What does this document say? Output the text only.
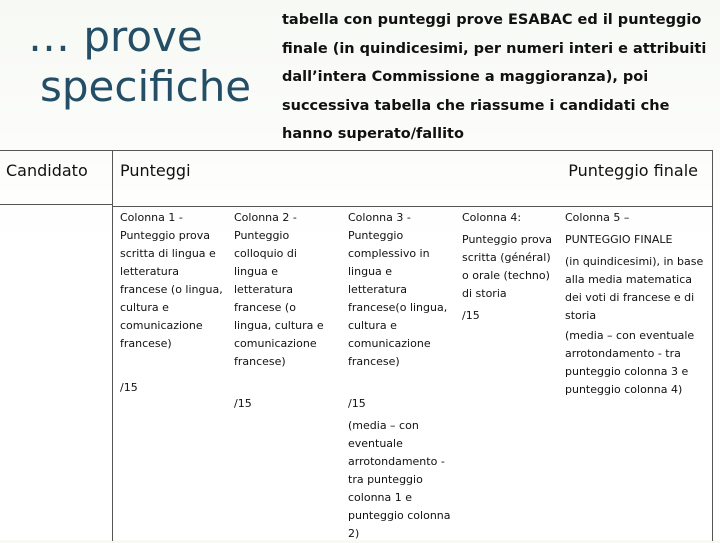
… prove
specifiche

tabella con punteggi prove ESABAC ed il punteggio finale (in quindicesimi, per numeri interi e attribuiti dall’intera Commissione a maggioranza), poi successiva tabella che riassume i candidati che hanno superato/fallito

Candidato Punteggi	Punteggio finale

Colonna 1 - Punteggio prova scritta di lingua e letteratura francese (o lingua, cultura e comunicazione francese)

/15

Colonna 2 - Punteggio colloquio di lingua e letteratura francese (o lingua, cultura e comunicazione francese)

/15

Colonna 3 - Punteggio complessivo in lingua e letteratura francese(o lingua, cultura e comunicazione francese)

/15

(media – con eventuale arrotondamento - tra punteggio colonna 1 e punteggio colonna 2)

Colonna 4:

Punteggio prova scritta (général) o orale (techno) di storia

/15

Colonna 5 –

PUNTEGGIO FINALE

(in quindicesimi), in base alla media matematica dei voti di francese e di storia

(media – con eventuale arrotondamento - tra punteggio colonna 3 e punteggio colonna 4)
